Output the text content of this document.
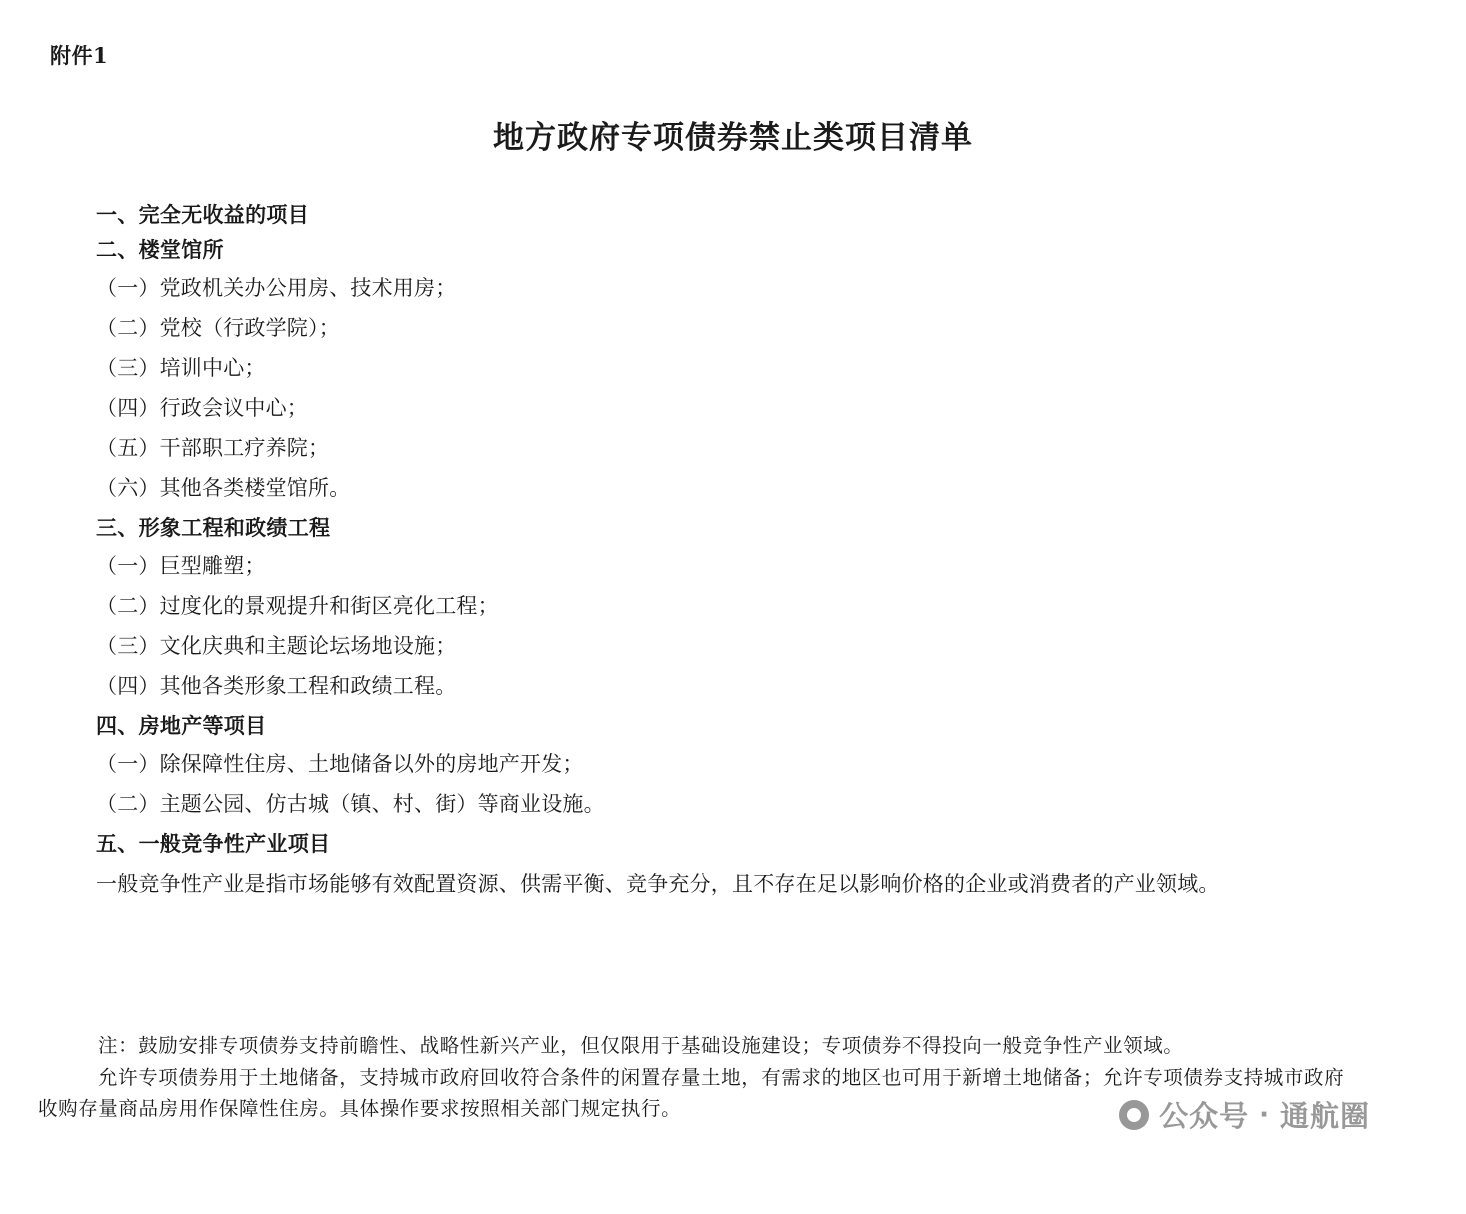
附件1
地方政府专项债券禁止类项目清单
一、完全无收益的项目
二、楼堂馆所
（一）党政机关办公用房、技术用房；
（二）党校（行政学院）；
（三）培训中心；
（四）行政会议中心；
（五）干部职工疗养院；
（六）其他各类楼堂馆所。
三、形象工程和政绩工程
（一）巨型雕塑；
（二）过度化的景观提升和街区亮化工程；
（三）文化庆典和主题论坛场地设施；
（四）其他各类形象工程和政绩工程。
四、房地产等项目
（一）除保障性住房、土地储备以外的房地产开发；
（二）主题公园、仿古城（镇、村、街）等商业设施。
五、一般竞争性产业项目
一般竞争性产业是指市场能够有效配置资源、供需平衡、竞争充分，且不存在足以影响价格的企业或消费者的产业领域。

注：鼓励安排专项债券支持前瞻性、战略性新兴产业，但仅限用于基础设施建设；专项债券不得投向一般竞争性产业领域。

允许专项债券用于土地储备，支持城市政府回收符合条件的闲置存量土地，有需求的地区也可用于新增土地储备；允许专项债券支持城市政府收购存量商品房用作保障性住房。具体操作要求按照相关部门规定执行。	公众号 · 通航圈
